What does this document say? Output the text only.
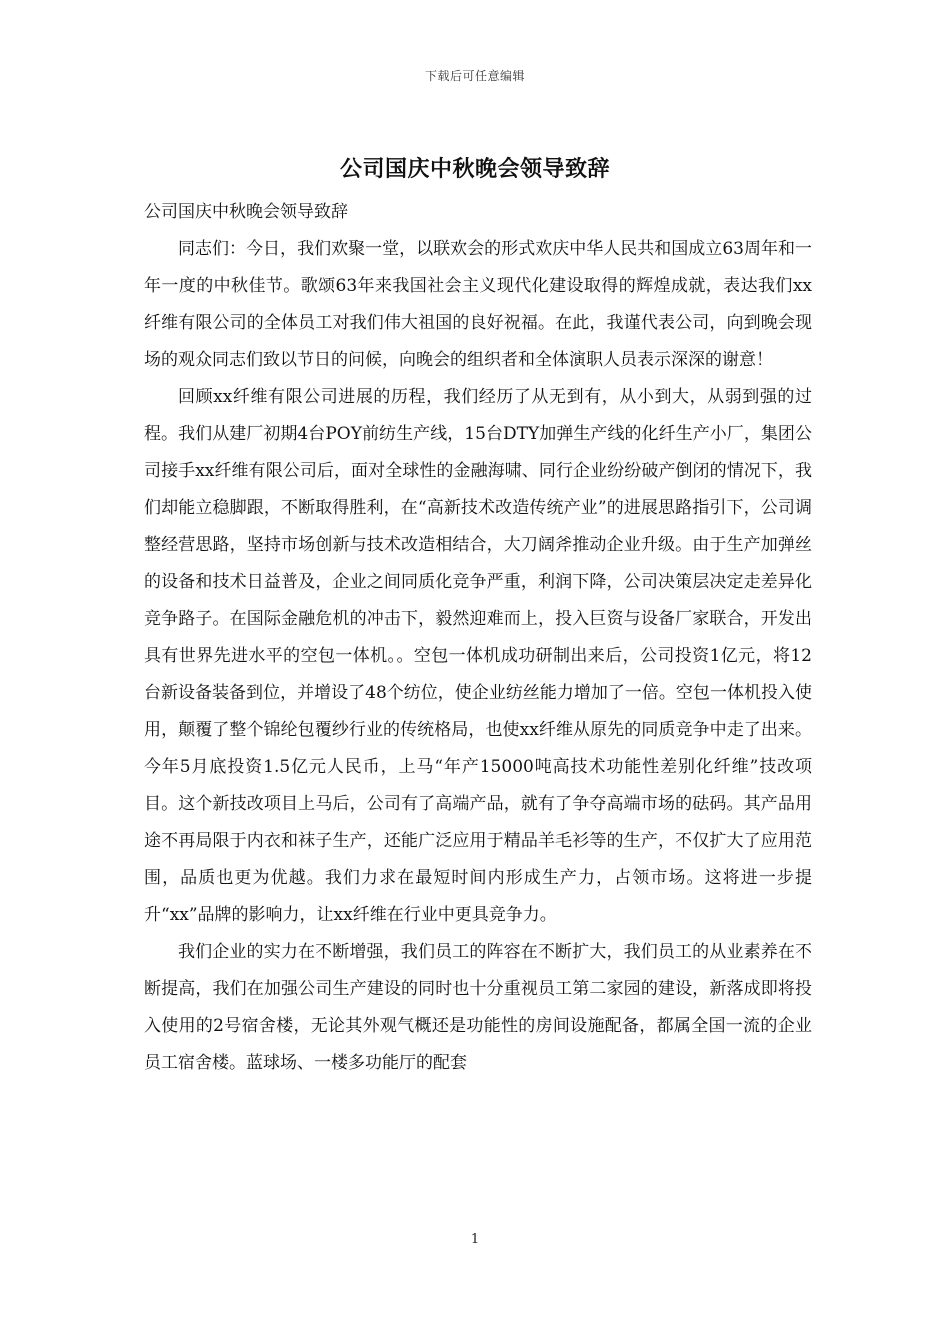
下载后可任意编辑
公司国庆中秋晚会领导致辞

公司国庆中秋晚会领导致辞

同志们：今日，我们欢聚一堂，以联欢会的形式欢庆中华人民共和国成立63周年和一年一度的中秋佳节。歌颂63年来我国社会主义现代化建设取得的辉煌成就，表达我们xx纤维有限公司的全体员工对我们伟大祖国的良好祝福。在此，我谨代表公司，向到晚会现场的观众同志们致以节日的问候，向晚会的组织者和全体演职人员表示深深的谢意！

回顾xx纤维有限公司进展的历程，我们经历了从无到有，从小到大，从弱到强的过程。我们从建厂初期4台POY前纺生产线，15台DTY加弹生产线的化纤生产小厂，集团公司接手xx纤维有限公司后，面对全球性的金融海啸、同行企业纷纷破产倒闭的情况下，我们却能立稳脚跟，不断取得胜利，在“高新技术改造传统产业”的进展思路指引下，公司调整经营思路，坚持市场创新与技术改造相结合，大刀阔斧推动企业升级。由于生产加弹丝的设备和技术日益普及，企业之间同质化竞争严重，利润下降，公司决策层决定走差异化竞争路子。在国际金融危机的冲击下，毅然迎难而上，投入巨资与设备厂家联合，开发出具有世界先进水平的空包一体机。。空包一体机成功研制出来后，公司投资1亿元，将12台新设备装备到位，并增设了48个纺位，使企业纺丝能力增加了一倍。空包一体机投入使用，颠覆了整个锦纶包覆纱行业的传统格局，也使xx纤维从原先的同质竞争中走了出来。今年5月底投资1.5亿元人民币，上马“年产15000吨高技术功能性差别化纤维”技改项目。这个新技改项目上马后，公司有了高端产品，就有了争夺高端市场的砝码。其产品用途不再局限于内衣和袜子生产，还能广泛应用于精品羊毛衫等的生产，不仅扩大了应用范围，品质也更为优越。我们力求在最短时间内形成生产力，占领市场。这将进一步提升“xx”品牌的影响力，让xx纤维在行业中更具竞争力。

我们企业的实力在不断增强，我们员工的阵容在不断扩大，我们员工的从业素养在不断提高，我们在加强公司生产建设的同时也十分重视员工第二家园的建设，新落成即将投入使用的2号宿舍楼，无论其外观气概还是功能性的房间设施配备，都属全国一流的企业员工宿舍楼。蓝球场、一楼多功能厅的配套

1
